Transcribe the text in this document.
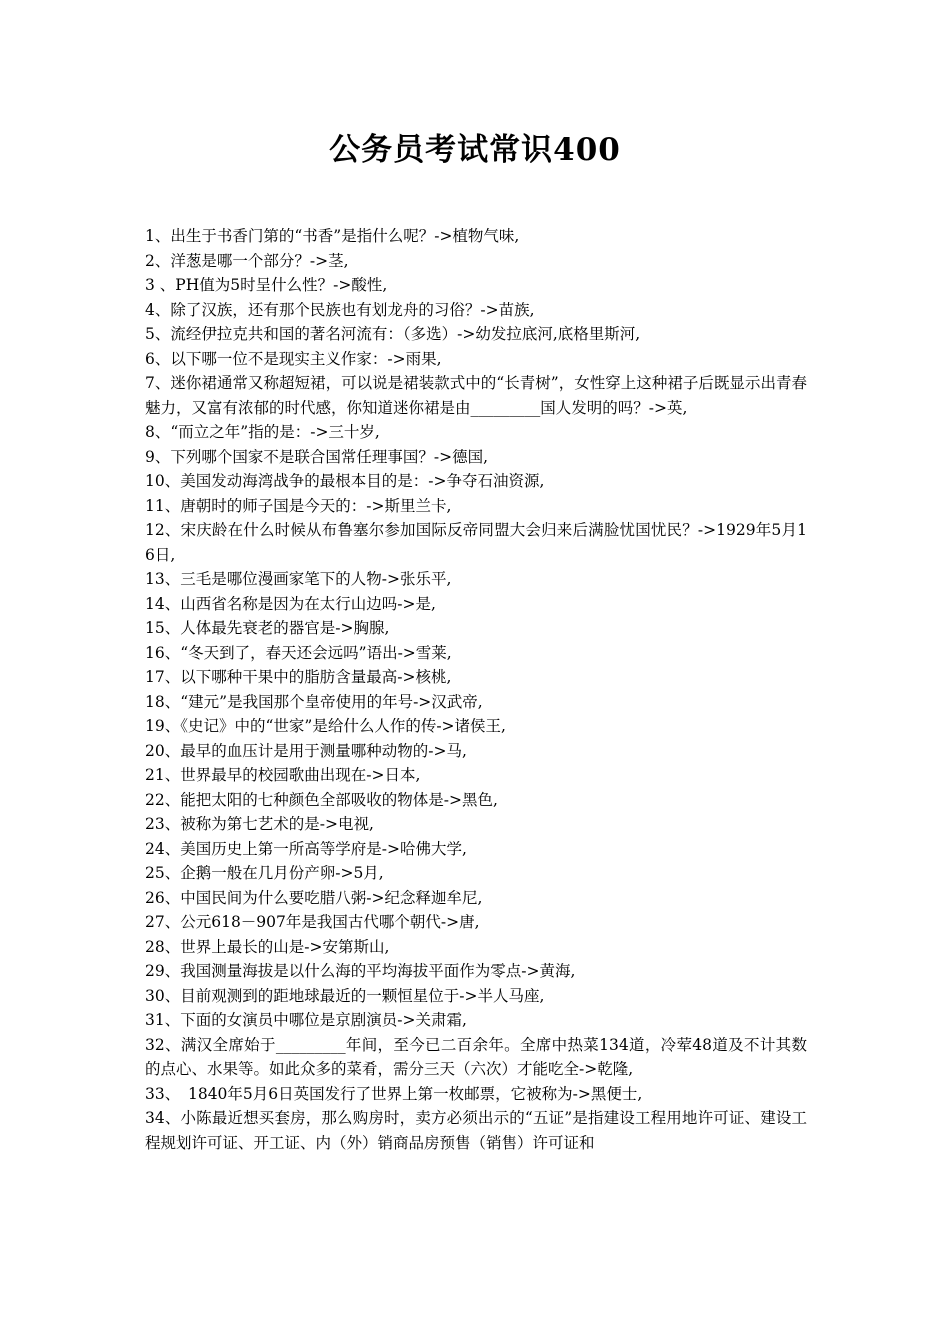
公务员考试常识400

1、出生于书香门第的“书香”是指什么呢？->植物气味,

2、洋葱是哪一个部分？->茎,

3 、PH值为5时呈什么性？->酸性,

4、除了汉族，还有那个民族也有划龙舟的习俗？->苗族,

5、流经伊拉克共和国的著名河流有：（多选）->幼发拉底河,底格里斯河,

6、以下哪一位不是现实主义作家：->雨果,

7、迷你裙通常又称超短裙，可以说是裙装款式中的“长青树”，女性穿上这种裙子后既显示出青春魅力，又富有浓郁的时代感，你知道迷你裙是由_________国人发明的吗？->英,

8、“而立之年”指的是：->三十岁,

9、下列哪个国家不是联合国常任理事国？->德国,

10、美国发动海湾战争的最根本目的是：->争夺石油资源,

11、唐朝时的师子国是今天的：->斯里兰卡,

12、宋庆龄在什么时候从布鲁塞尔参加国际反帝同盟大会归来后满脸忧国忧民？->1929年5月16日,

13、三毛是哪位漫画家笔下的人物->张乐平,

14、山西省名称是因为在太行山边吗->是,

15、人体最先衰老的器官是->胸腺,

16、“冬天到了，春天还会远吗”语出->雪莱,

17、以下哪种干果中的脂肪含量最高->核桃,

18、“建元”是我国那个皇帝使用的年号->汉武帝,

19、《史记》中的“世家”是给什么人作的传->诸侯王,

20、最早的血压计是用于测量哪种动物的->马,

21、世界最早的校园歌曲出现在->日本,

22、能把太阳的七种颜色全部吸收的物体是->黑色,

23、被称为第七艺术的是->电视,

24、美国历史上第一所高等学府是->哈佛大学,

25、企鹅一般在几月份产卵->5月,

26、中国民间为什么要吃腊八粥->纪念释迦牟尼,

27、公元618－907年是我国古代哪个朝代->唐,

28、世界上最长的山是->安第斯山,

29、我国测量海拔是以什么海的平均海拔平面作为零点->黄海,

30、目前观测到的距地球最近的一颗恒星位于->半人马座,

31、下面的女演员中哪位是京剧演员->关肃霜,

32、满汉全席始于_________年间，至今已二百余年。全席中热菜134道，冷荤48道及不计其数的点心、水果等。如此众多的菜肴，需分三天（六次）才能吃全->乾隆,

33、　1840年5月6日英国发行了世界上第一枚邮票，它被称为->黑便士,

34、小陈最近想买套房，那么购房时，卖方必须出示的“五证”是指建设工程用地许可证、建设工程规划许可证、开工证、内（外）销商品房预售（销售）许可证和
